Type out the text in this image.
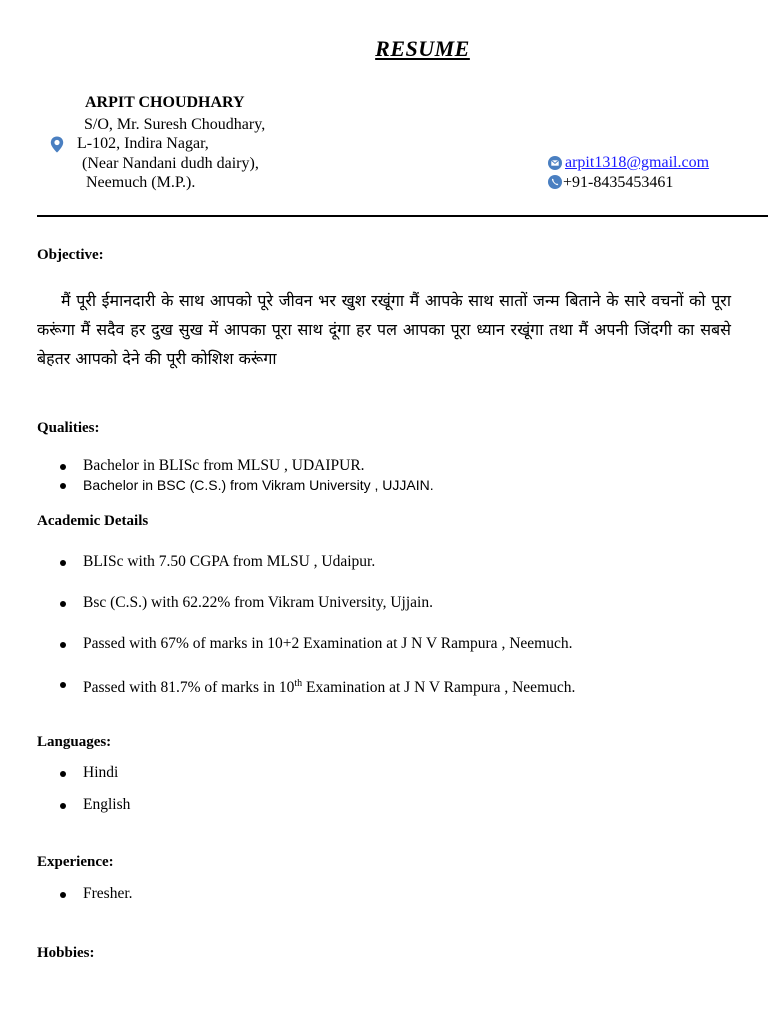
RESUME
ARPIT CHOUDHARY
S/O, Mr. Suresh Choudhary,
L-102, Indira Nagar,
(Near Nandani dudh dairy),
Neemuch (M.P.).
arpit1318@gmail.com
+91-8435453461
Objective:
मैं पूरी ईमानदारी के साथ आपको पूरे जीवन भर खुश रखूंगा मैं आपके साथ सातों जन्म बिताने के सारे वचनों को पूरा करूंगा मैं सदैव हर दुख सुख में आपका पूरा साथ दूंगा हर पल आपका पूरा ध्यान रखूंगा तथा मैं अपनी जिंदगी का सबसे बेहतर आपको देने की पूरी कोशिश करूंगा
Qualities:
Bachelor in BLISc from MLSU , UDAIPUR.
Bachelor in BSC (C.S.) from Vikram University , UJJAIN.
Academic Details
BLISc with 7.50 CGPA from MLSU , Udaipur.
Bsc (C.S.) with 62.22% from Vikram University, Ujjain.
Passed with 67% of marks in 10+2 Examination at J N V Rampura , Neemuch.
Passed with 81.7% of marks in 10th Examination at J N V Rampura , Neemuch.
Languages:
Hindi
English
Experience:
Fresher.
Hobbies:
